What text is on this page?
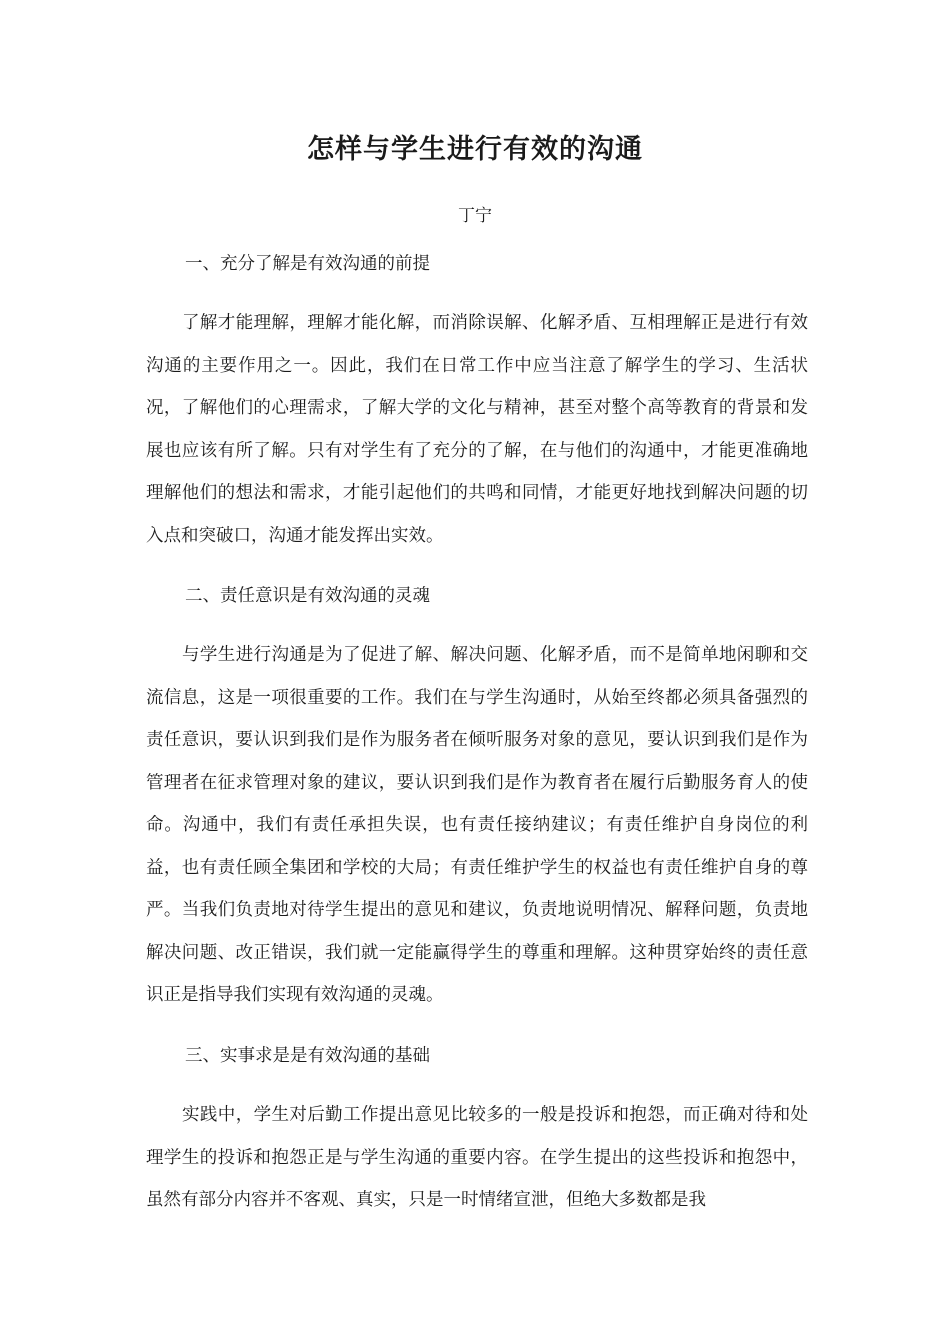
怎样与学生进行有效的沟通
丁宁
一、充分了解是有效沟通的前提

了解才能理解，理解才能化解，而消除误解、化解矛盾、互相理解正是进行有效沟通的主要作用之一。因此，我们在日常工作中应当注意了解学生的学习、生活状况，了解他们的心理需求，了解大学的文化与精神，甚至对整个高等教育的背景和发展也应该有所了解。只有对学生有了充分的了解，在与他们的沟通中，才能更准确地理解他们的想法和需求，才能引起他们的共鸣和同情，才能更好地找到解决问题的切入点和突破口，沟通才能发挥出实效。

二、责任意识是有效沟通的灵魂

与学生进行沟通是为了促进了解、解决问题、化解矛盾，而不是简单地闲聊和交流信息，这是一项很重要的工作。我们在与学生沟通时，从始至终都必须具备强烈的责任意识，要认识到我们是作为服务者在倾听服务对象的意见，要认识到我们是作为管理者在征求管理对象的建议，要认识到我们是作为教育者在履行后勤服务育人的使命。沟通中，我们有责任承担失误，也有责任接纳建议；有责任维护自身岗位的利益，也有责任顾全集团和学校的大局；有责任维护学生的权益也有责任维护自身的尊严。当我们负责地对待学生提出的意见和建议，负责地说明情况、解释问题，负责地解决问题、改正错误，我们就一定能赢得学生的尊重和理解。这种贯穿始终的责任意识正是指导我们实现有效沟通的灵魂。

三、实事求是是有效沟通的基础

实践中，学生对后勤工作提出意见比较多的一般是投诉和抱怨，而正确对待和处理学生的投诉和抱怨正是与学生沟通的重要内容。在学生提出的这些投诉和抱怨中，虽然有部分内容并不客观、真实，只是一时情绪宣泄，但绝大多数都是我
